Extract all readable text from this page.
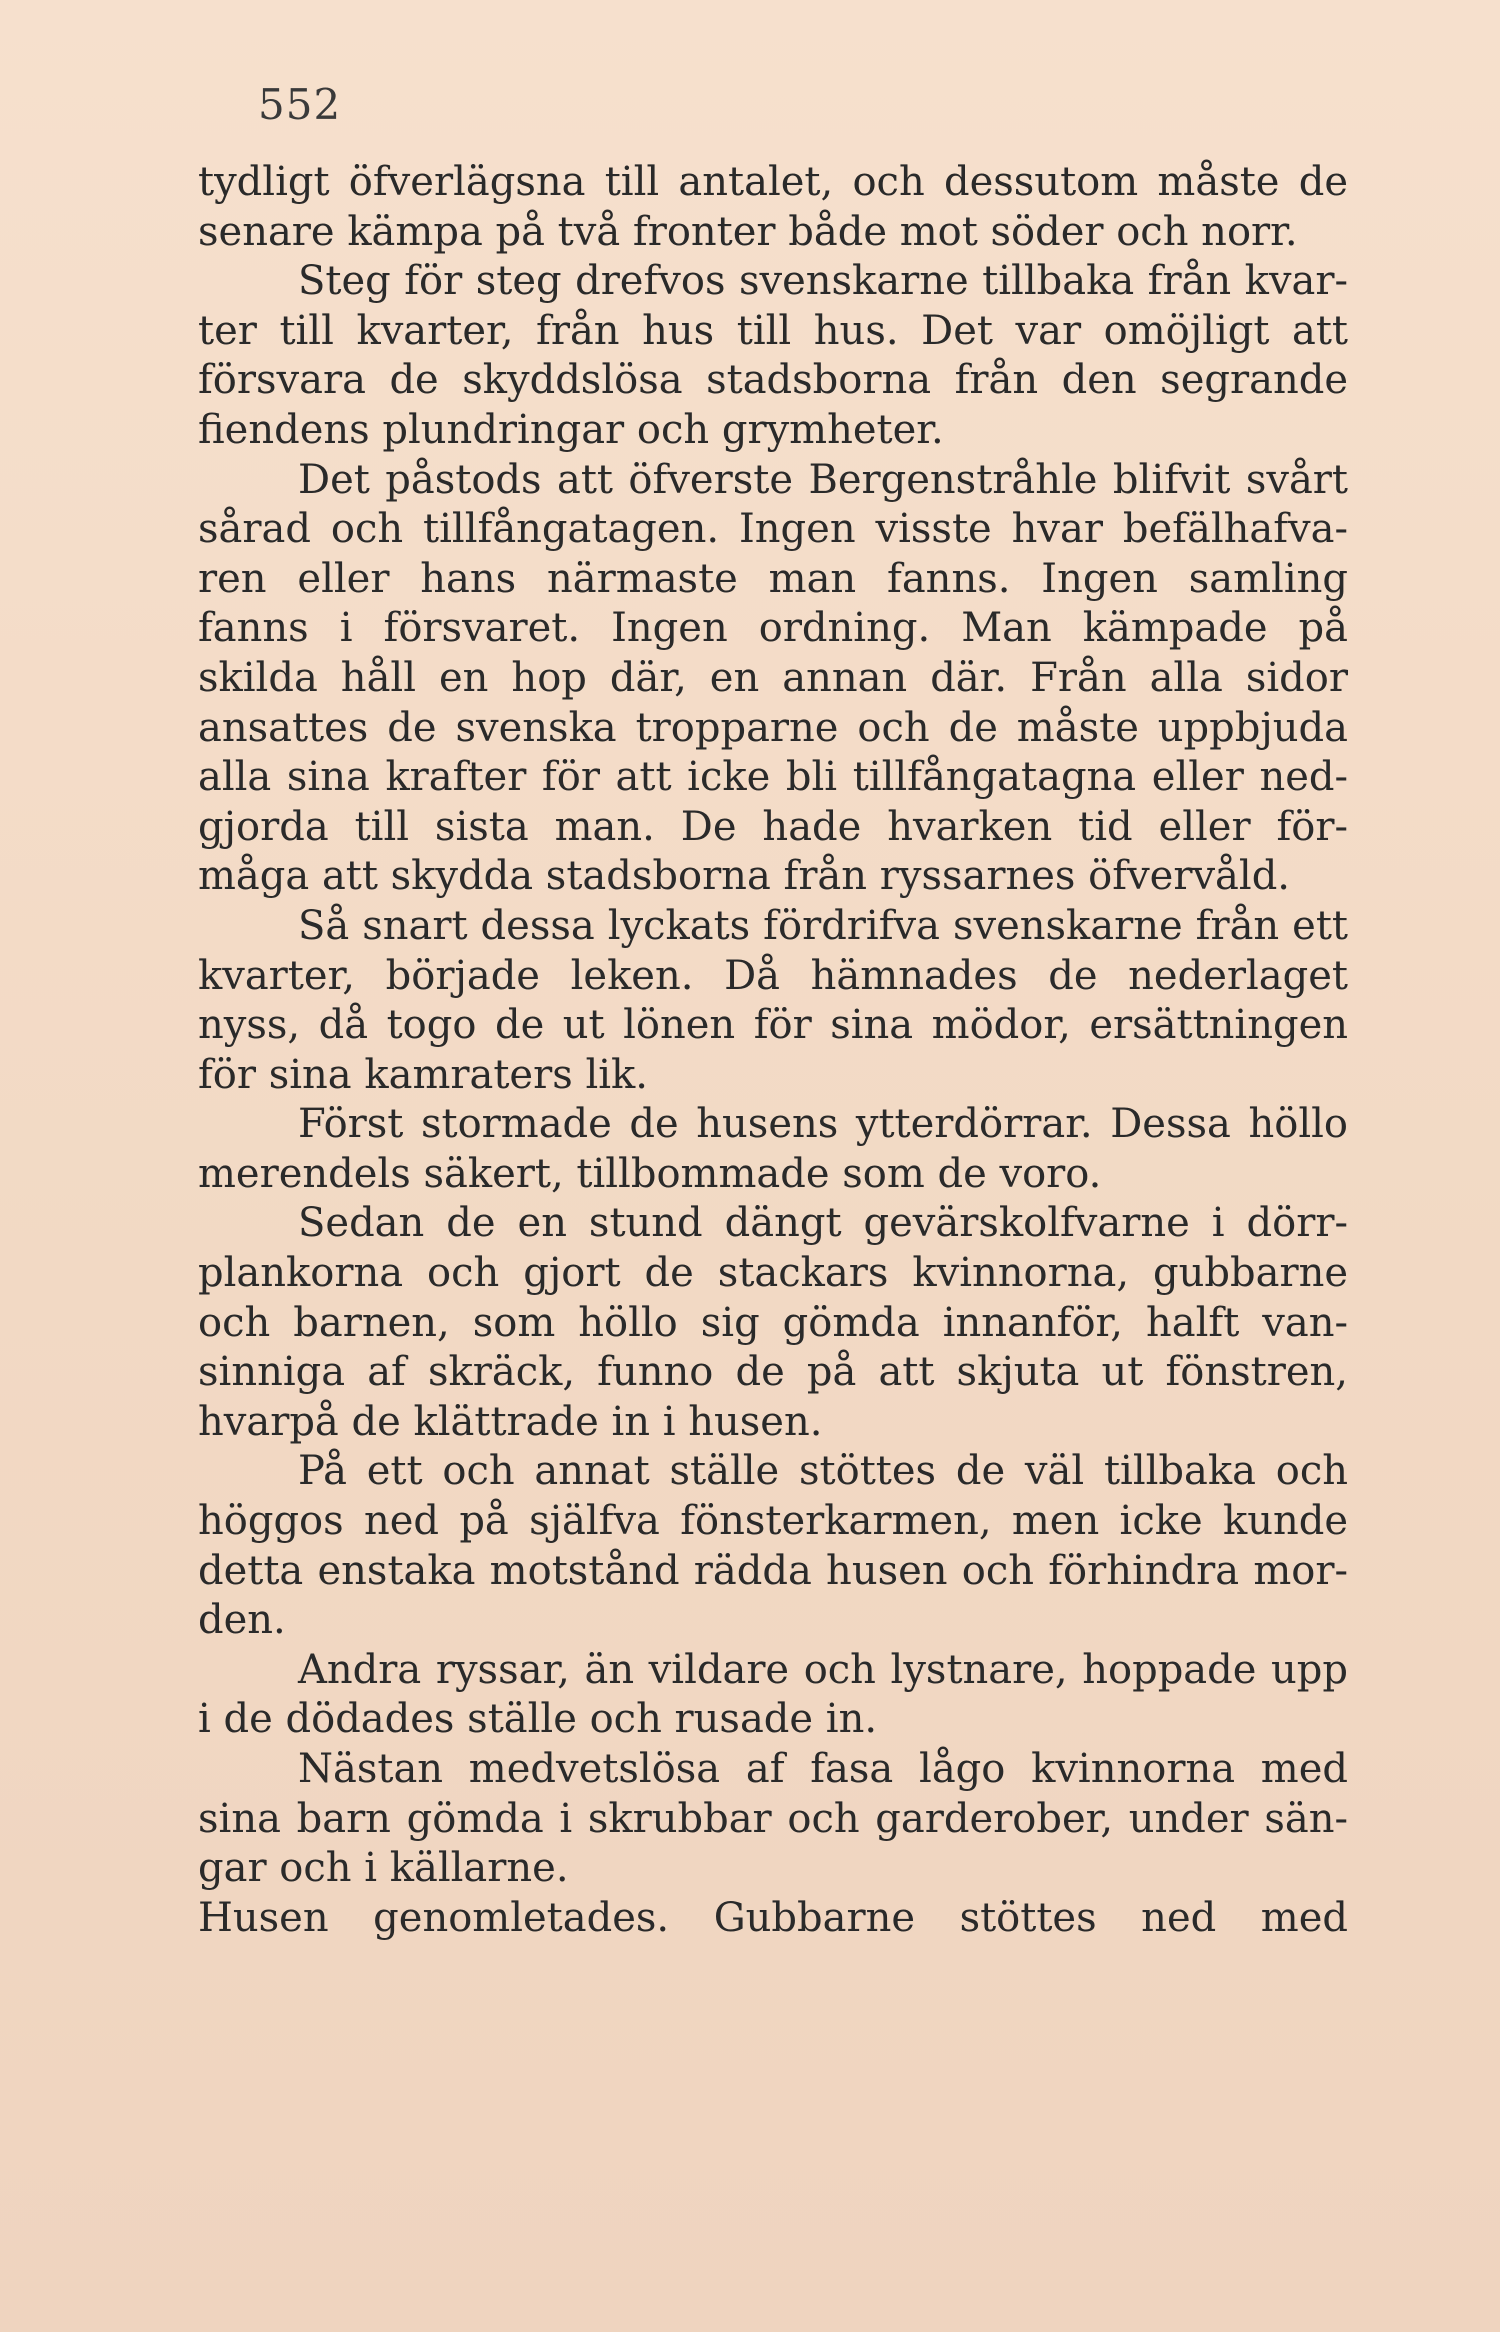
552
tydligt öfverlägsna till antalet, och dessutom måste de
senare kämpa på två fronter både mot söder och norr.
Steg för steg drefvos svenskarne tillbaka från kvar-
ter till kvarter, från hus till hus. Det var omöjligt att
försvara de skyddslösa stadsborna från den segrande
fiendens plundringar och grymheter.
Det påstods att öfverste Bergenstråhle blifvit svårt
sårad och tillfångatagen. Ingen visste hvar befälhafva-
ren eller hans närmaste man fanns. Ingen samling
fanns i försvaret. Ingen ordning. Man kämpade på
skilda håll en hop där, en annan där. Från alla sidor
ansattes de svenska tropparne och de måste uppbjuda
alla sina krafter för att icke bli tillfångatagna eller ned-
gjorda till sista man. De hade hvarken tid eller för-
måga att skydda stadsborna från ryssarnes öfvervåld.
Så snart dessa lyckats fördrifva svenskarne från ett
kvarter, började leken. Då hämnades de nederlaget
nyss, då togo de ut lönen för sina mödor, ersättningen
för sina kamraters lik.
Först stormade de husens ytterdörrar. Dessa höllo
merendels säkert, tillbommade som de voro.
Sedan de en stund dängt gevärskolfvarne i dörr-
plankorna och gjort de stackars kvinnorna, gubbarne
och barnen, som höllo sig gömda innanför, halft van-
sinniga af skräck, funno de på att skjuta ut fönstren,
hvarpå de klättrade in i husen.
På ett och annat ställe stöttes de väl tillbaka och
höggos ned på själfva fönsterkarmen, men icke kunde
detta enstaka motstånd rädda husen och förhindra mor-
den.
Andra ryssar, än vildare och lystnare, hoppade upp
i de dödades ställe och rusade in.
Nästan medvetslösa af fasa lågo kvinnorna med
sina barn gömda i skrubbar och garderober, under sän-
gar och i källarne.
Husen genomletades. Gubbarne stöttes ned med
